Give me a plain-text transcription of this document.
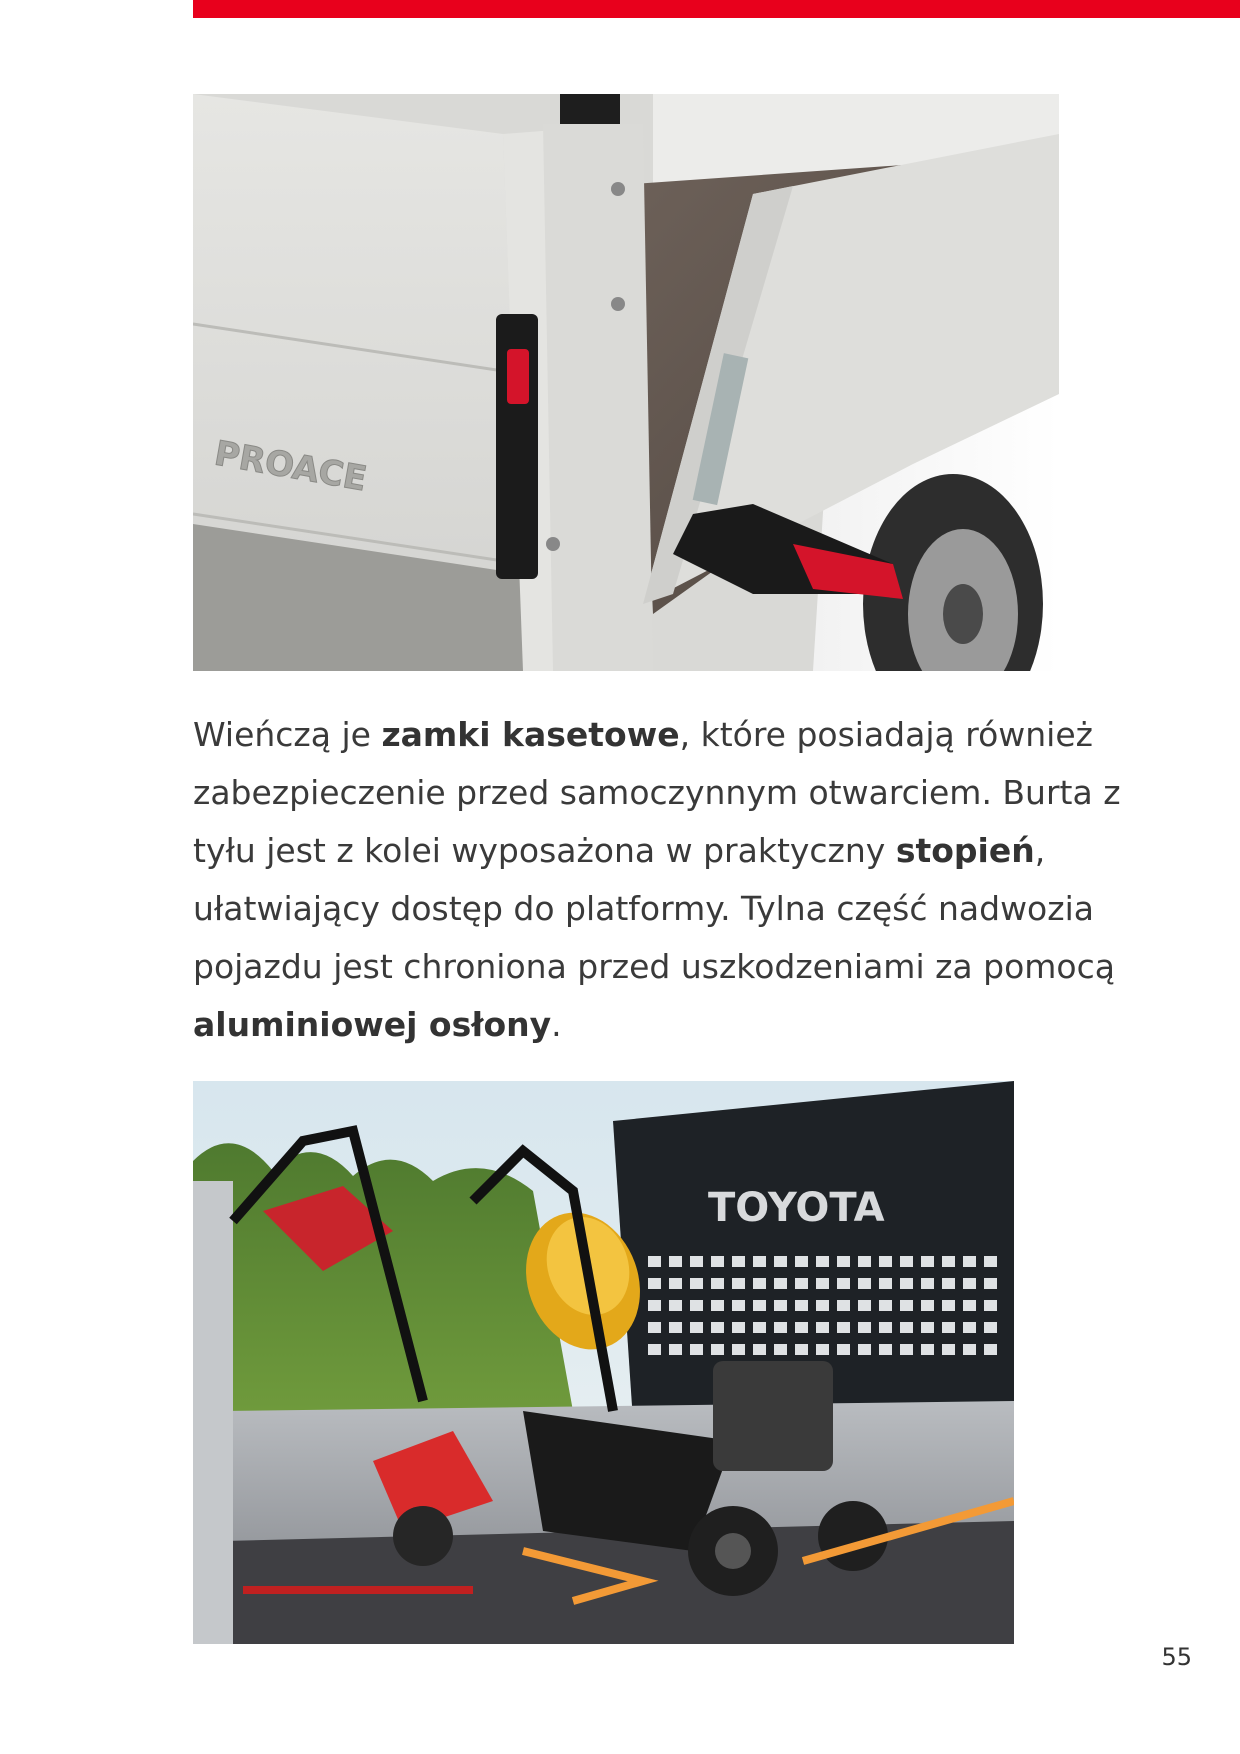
PROACE

Wieńczą je zamki kasetowe, które posiadają również zabezpieczenie przed samoczynnym otwarciem. Burta z tyłu jest z kolei wyposażona w praktyczny stopień, ułatwiający dostęp do platformy. Tylna część nadwozia pojazdu jest chroniona przed uszkodzeniami za pomocą aluminiowej osłony.

TOYOTA
55
